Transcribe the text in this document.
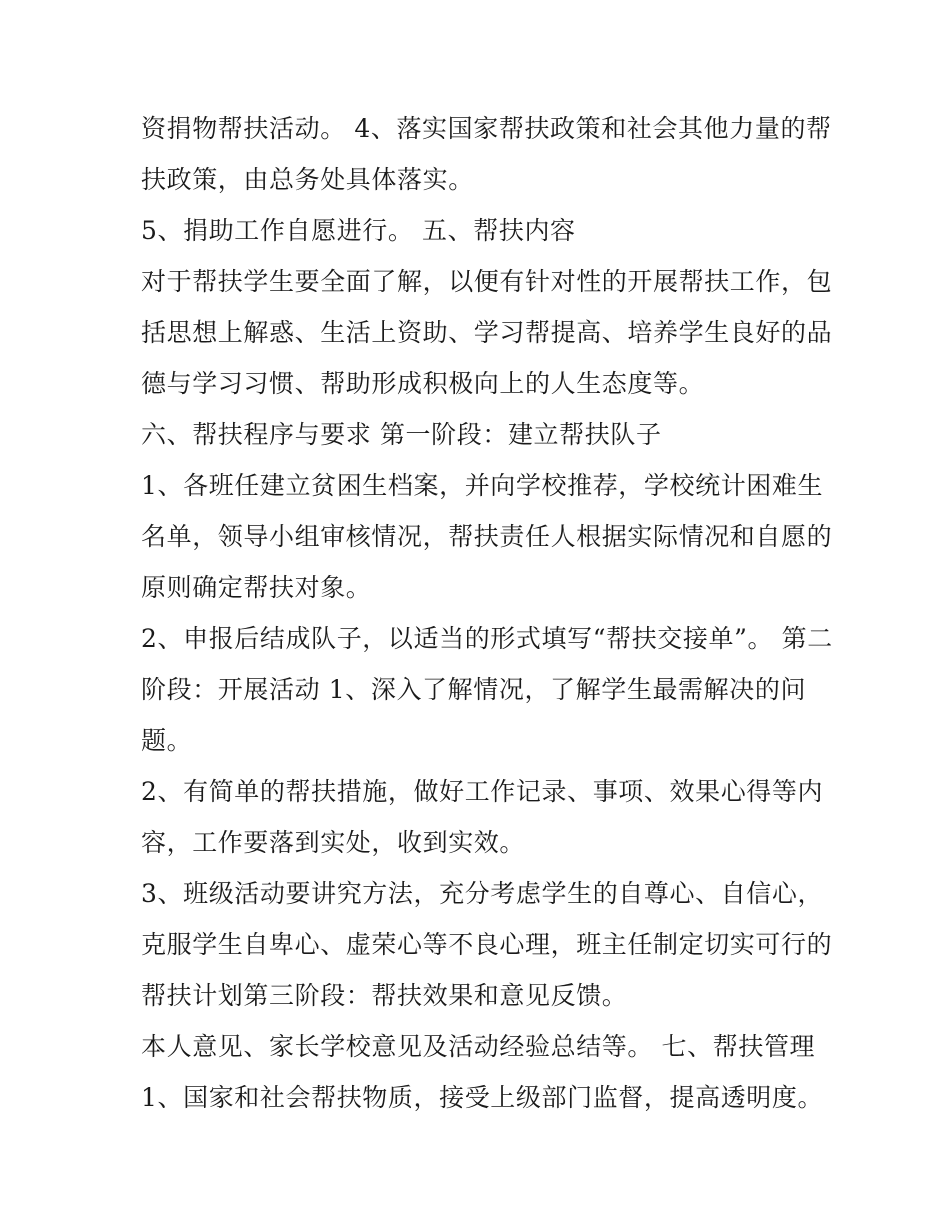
资捐物帮扶活动。 4、落实国家帮扶政策和社会其他力量的帮
扶政策，由总务处具体落实。
5、捐助工作自愿进行。 五、帮扶内容
对于帮扶学生要全面了解，以便有针对性的开展帮扶工作，包
括思想上解惑、生活上资助、学习帮提高、培养学生良好的品
德与学习习惯、帮助形成积极向上的人生态度等。
六、帮扶程序与要求 第一阶段：建立帮扶队子
1、各班任建立贫困生档案，并向学校推荐，学校统计困难生
名单，领导小组审核情况，帮扶责任人根据实际情况和自愿的
原则确定帮扶对象。
2、申报后结成队子，以适当的形式填写“帮扶交接单”。 第二
阶段：开展活动 1、深入了解情况，了解学生最需解决的问
题。
2、有简单的帮扶措施，做好工作记录、事项、效果心得等内
容，工作要落到实处，收到实效。
3、班级活动要讲究方法，充分考虑学生的自尊心、自信心，
克服学生自卑心、虚荣心等不良心理，班主任制定切实可行的
帮扶计划第三阶段：帮扶效果和意见反馈。
本人意见、家长学校意见及活动经验总结等。 七、帮扶管理
1、国家和社会帮扶物质，接受上级部门监督，提高透明度。
